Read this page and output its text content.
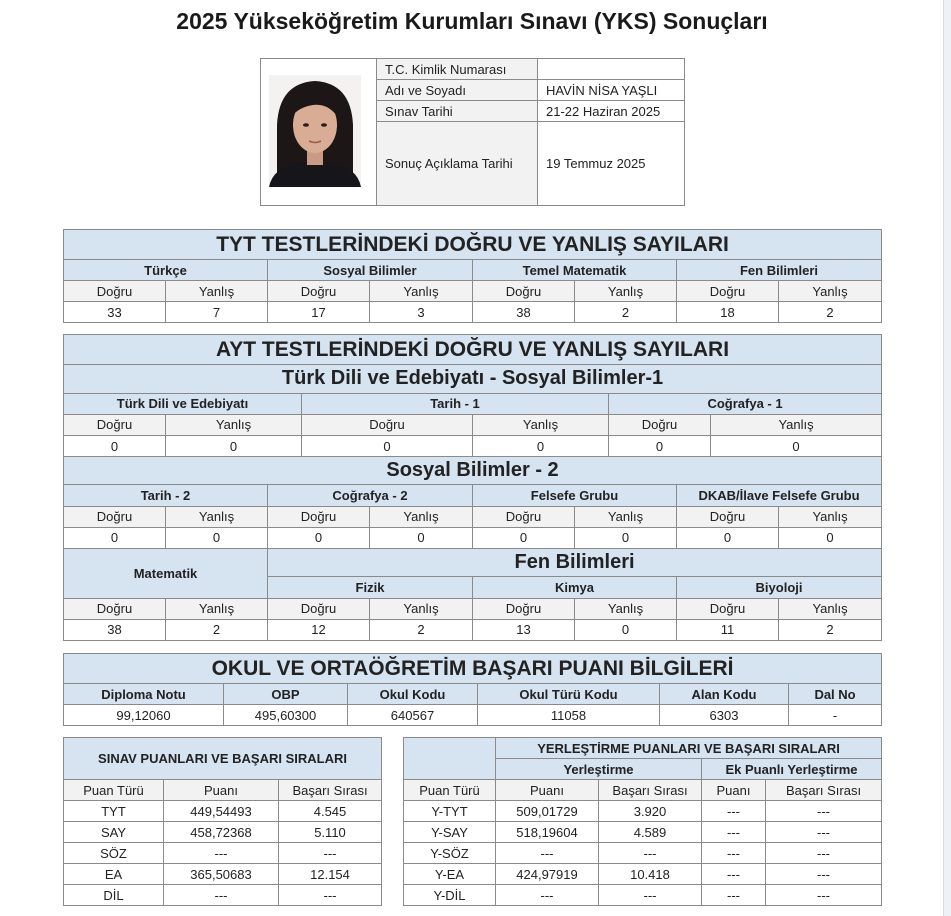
2025 Yükseköğretim Kurumları Sınavı (YKS) Sonuçları
	T.C. Kimlik Numarası	
	Adı ve Soyadı	HAVİN NİSA YAŞLI
	Sınav Tarihi	21-22 Haziran 2025
	Sonuç Açıklama Tarihi	19 Temmuz 2025
TYT TESTLERİNDEKİ DOĞRU VE YANLIŞ SAYILARI							
Türkçe		Sosyal Bilimler		Temel Matematik		Fen Bilimleri	
Doğru	Yanlış	Doğru	Yanlış	Doğru	Yanlış	Doğru	Yanlış
33	7	17	3	38	2	18	2
AYT TESTLERİNDEKİ DOĞRU VE YANLIŞ SAYILARI										
Türk Dili ve Edebiyatı - Sosyal Bilimler-1										
Türk Dili ve Edebiyatı			Tarih - 1				Coğrafya - 1			
Doğru	Yanlış		Doğru		Yanlış		Doğru		Yanlış	
0	0		0		0		0		0	
Sosyal Bilimler - 2										
Tarih - 2		Coğrafya - 2			Felsefe Grubu			DKAB/İlave Felsefe Grubu		
Doğru	Yanlış	Doğru		Yanlış	Doğru	Yanlış		Doğru		Yanlış
0	0	0		0	0	0		0		0
Matematik		Fen Bilimleri								
		Fizik			Kimya			Biyoloji		
Doğru	Yanlış	Doğru		Yanlış	Doğru	Yanlış		Doğru		Yanlış
38	2	12		2	13	0		11		2
OKUL VE ORTAÖĞRETİM BAŞARI PUANI BİLGİLERİ					
Diploma Notu	OBP	Okul Kodu	Okul Türü Kodu	Alan Kodu	Dal No
99,12060	495,60300	640567	11058	6303	-
SINAV PUANLARI VE BAŞARI SIRALARI		
Puan Türü	Puanı	Başarı Sırası
TYT	449,54493	4.545
SAY	458,72368	5.110
SÖZ	---	---
EA	365,50683	12.154
DİL	---	---
	YERLEŞTİRME PUANLARI VE BAŞARI SIRALARI			
	Yerleştirme		Ek Puanlı Yerleştirme	
Puan Türü	Puanı	Başarı Sırası	Puanı	Başarı Sırası
Y-TYT	509,01729	3.920	---	---
Y-SAY	518,19604	4.589	---	---
Y-SÖZ	---	---	---	---
Y-EA	424,97919	10.418	---	---
Y-DİL	---	---	---	---
